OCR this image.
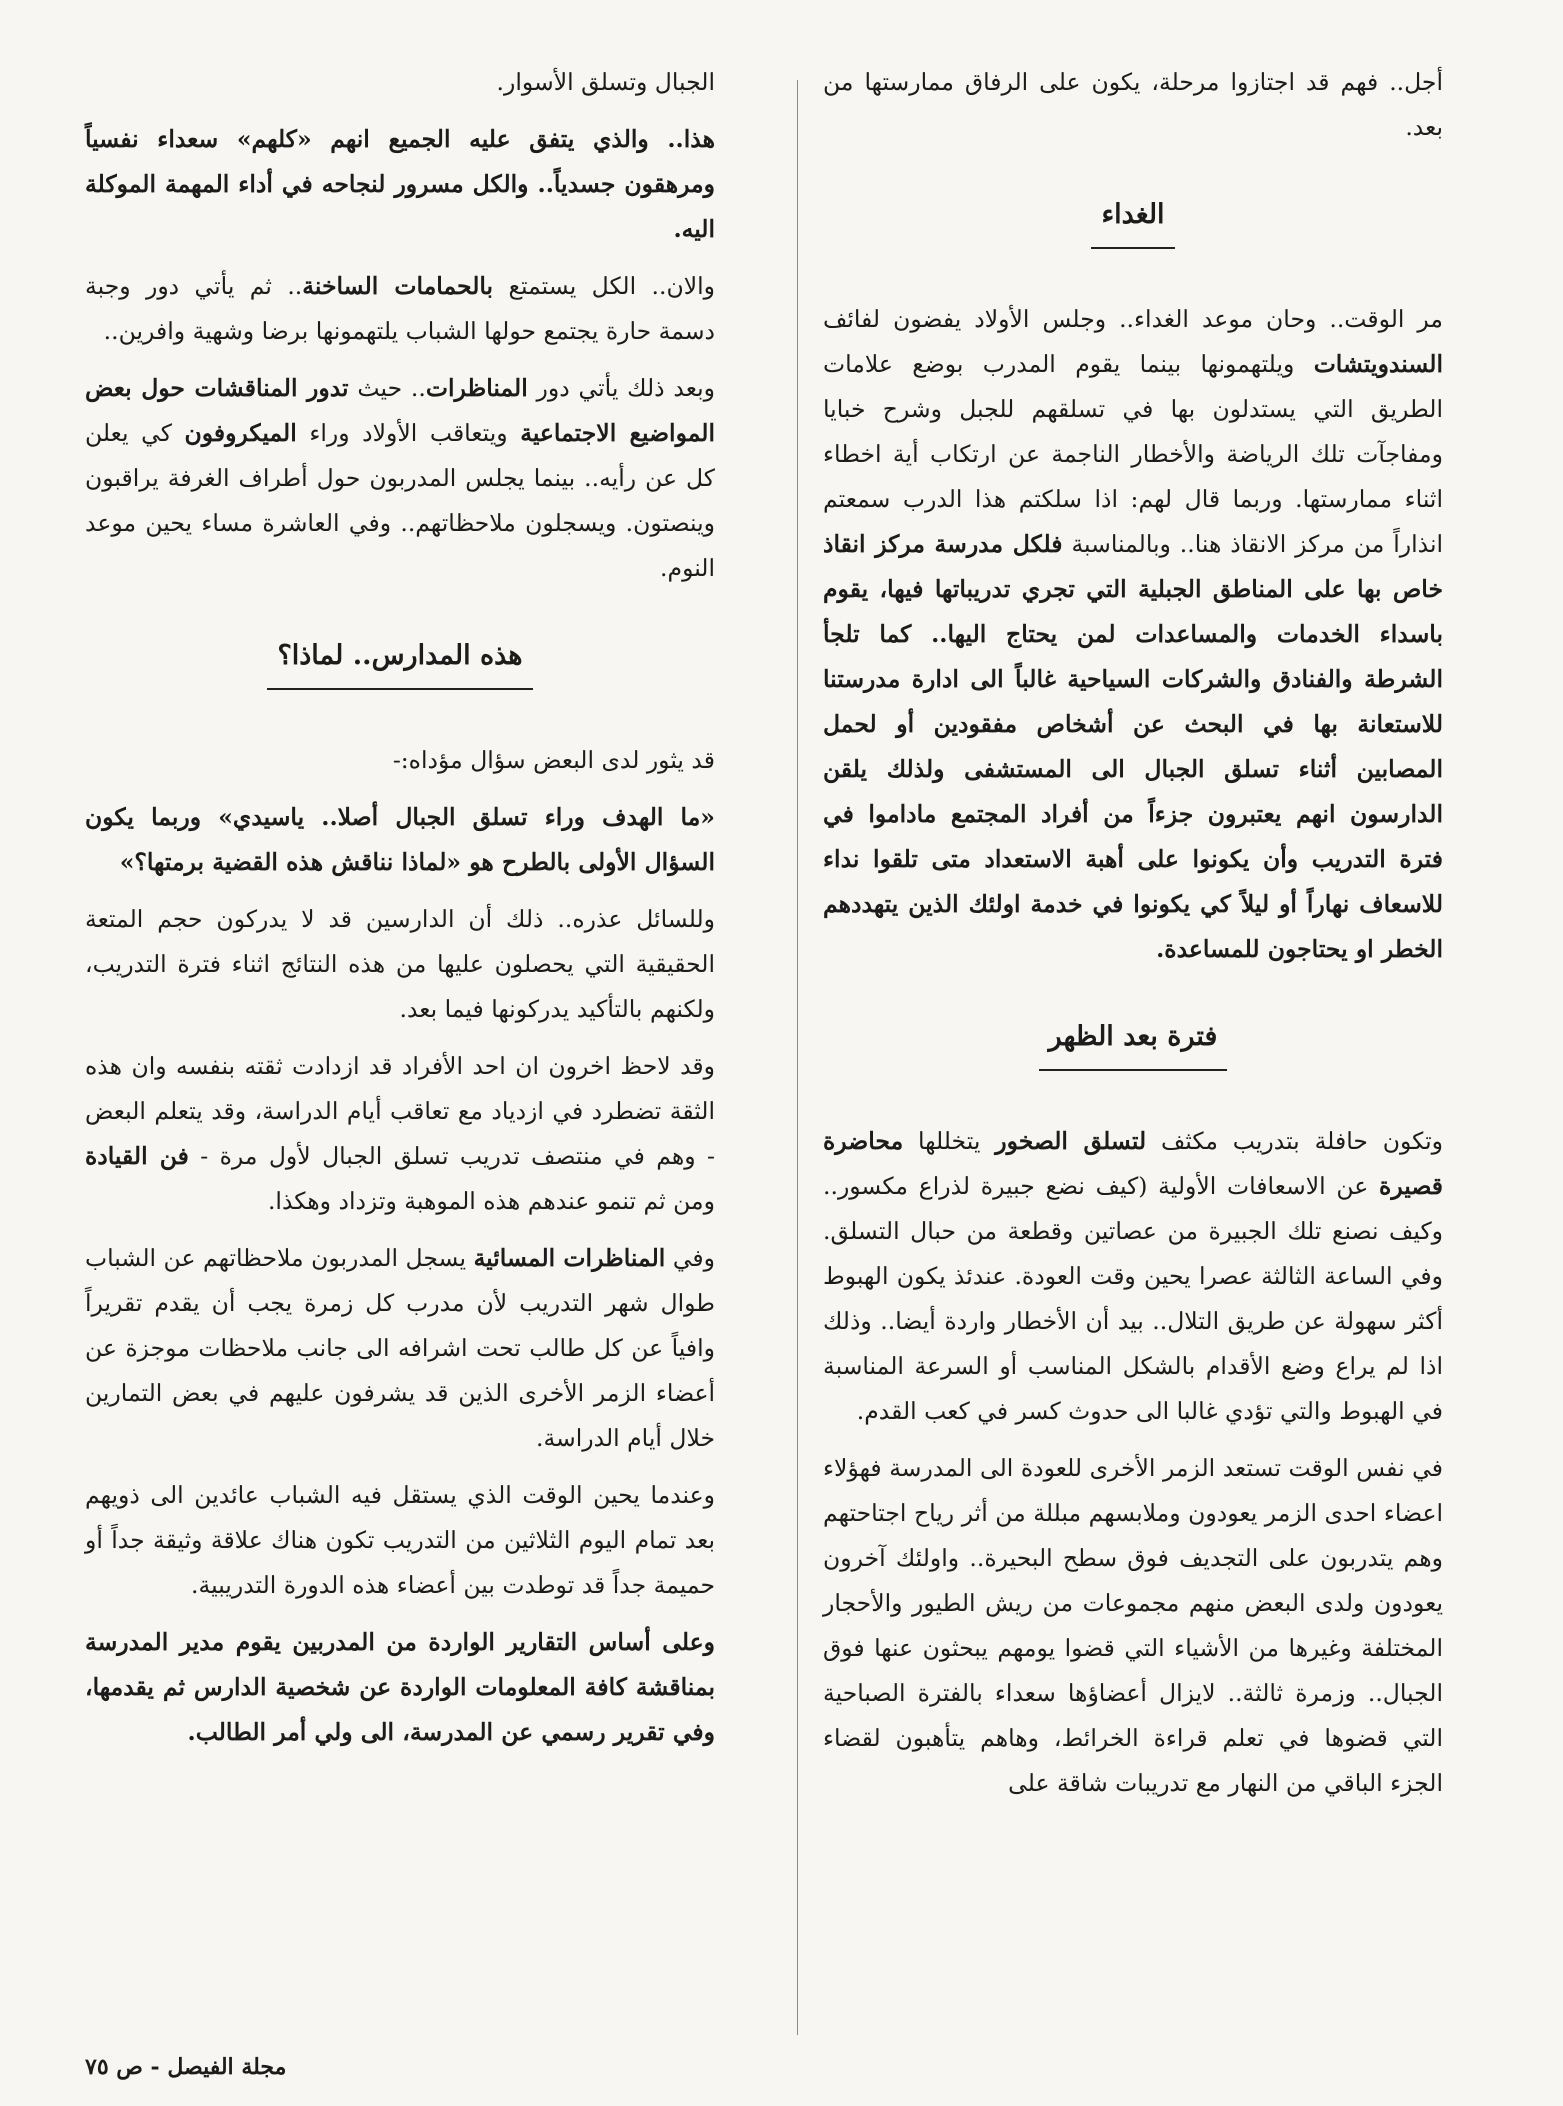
أجل.. فهم قد اجتازوا مرحلة، يكون على الرفاق ممارستها من بعد.

الغداء

مر الوقت.. وحان موعد الغداء.. وجلس الأولاد يفضون لفائف السندويتشات ويلتهمونها بينما يقوم المدرب بوضع علامات الطريق التي يستدلون بها في تسلقهم للجبل وشرح خبايا ومفاجآت تلك الرياضة والأخطار الناجمة عن ارتكاب أية اخطاء اثناء ممارستها. وربما قال لهم: اذا سلكتم هذا الدرب سمعتم انذاراً من مركز الانقاذ هنا.. وبالمناسبة فلكل مدرسة مركز انقاذ خاص بها على المناطق الجبلية التي تجري تدريباتها فيها، يقوم باسداء الخدمات والمساعدات لمن يحتاج اليها.. كما تلجأ الشرطة والفنادق والشركات السياحية غالباً الى ادارة مدرستنا للاستعانة بها في البحث عن أشخاص مفقودين أو لحمل المصابين أثناء تسلق الجبال الى المستشفى ولذلك يلقن الدارسون انهم يعتبرون جزءاً من أفراد المجتمع ماداموا في فترة التدريب وأن يكونوا على أهبة الاستعداد متى تلقوا نداء للاسعاف نهاراً أو ليلاً كي يكونوا في خدمة اولئك الذين يتهددهم الخطر او يحتاجون للمساعدة.

فترة بعد الظهر

وتكون حافلة بتدريب مكثف لتسلق الصخور يتخللها محاضرة قصيرة عن الاسعافات الأولية (كيف نضع جبيرة لذراع مكسور.. وكيف نصنع تلك الجبيرة من عصاتين وقطعة من حبال التسلق. وفي الساعة الثالثة عصرا يحين وقت العودة. عندئذ يكون الهبوط أكثر سهولة عن طريق التلال.. بيد أن الأخطار واردة أيضا.. وذلك اذا لم يراع وضع الأقدام بالشكل المناسب أو السرعة المناسبة في الهبوط والتي تؤدي غالبا الى حدوث كسر في كعب القدم.

في نفس الوقت تستعد الزمر الأخرى للعودة الى المدرسة فهؤلاء اعضاء احدى الزمر يعودون وملابسهم مبللة من أثر رياح اجتاحتهم وهم يتدربون على التجديف فوق سطح البحيرة.. واولئك آخرون يعودون ولدى البعض منهم مجموعات من ريش الطيور والأحجار المختلفة وغيرها من الأشياء التي قضوا يومهم يبحثون عنها فوق الجبال.. وزمرة ثالثة.. لايزال أعضاؤها سعداء بالفترة الصباحية التي قضوها في تعلم قراءة الخرائط، وهاهم يتأهبون لقضاء الجزء الباقي من النهار مع تدريبات شاقة على

الجبال وتسلق الأسوار.

هذا.. والذي يتفق عليه الجميع انهم «كلهم» سعداء نفسياً ومرهقون جسدياً.. والكل مسرور لنجاحه في أداء المهمة الموكلة اليه.

والان.. الكل يستمتع بالحمامات الساخنة.. ثم يأتي دور وجبة دسمة حارة يجتمع حولها الشباب يلتهمونها برضا وشهية وافرين..

وبعد ذلك يأتي دور المناظرات.. حيث تدور المناقشات حول بعض المواضيع الاجتماعية ويتعاقب الأولاد وراء الميكروفون كي يعلن كل عن رأيه.. بينما يجلس المدربون حول أطراف الغرفة يراقبون وينصتون. ويسجلون ملاحظاتهم.. وفي العاشرة مساء يحين موعد النوم.

هذه المدارس.. لماذا؟

قد يثور لدى البعض سؤال مؤداه:-

«ما الهدف وراء تسلق الجبال أصلا.. ياسيدي» وربما يكون السؤال الأولى بالطرح هو «لماذا نناقش هذه القضية برمتها؟»

وللسائل عذره.. ذلك أن الدارسين قد لا يدركون حجم المتعة الحقيقية التي يحصلون عليها من هذه النتائج اثناء فترة التدريب، ولكنهم بالتأكيد يدركونها فيما بعد.

وقد لاحظ اخرون ان احد الأفراد قد ازدادت ثقته بنفسه وان هذه الثقة تضطرد في ازدياد مع تعاقب أيام الدراسة، وقد يتعلم البعض - وهم في منتصف تدريب تسلق الجبال لأول مرة - فن القيادة ومن ثم تنمو عندهم هذه الموهبة وتزداد وهكذا.

وفي المناظرات المسائية يسجل المدربون ملاحظاتهم عن الشباب طوال شهر التدريب لأن مدرب كل زمرة يجب أن يقدم تقريراً وافياً عن كل طالب تحت اشرافه الى جانب ملاحظات موجزة عن أعضاء الزمر الأخرى الذين قد يشرفون عليهم في بعض التمارين خلال أيام الدراسة.

وعندما يحين الوقت الذي يستقل فيه الشباب عائدين الى ذويهم بعد تمام اليوم الثلاثين من التدريب تكون هناك علاقة وثيقة جداً أو حميمة جداً قد توطدت بين أعضاء هذه الدورة التدريبية.

وعلى أساس التقارير الواردة من المدربين يقوم مدير المدرسة بمناقشة كافة المعلومات الواردة عن شخصية الدارس ثم يقدمها، وفي تقرير رسمي عن المدرسة، الى ولي أمر الطالب.

مجلة الفيصل - ص ٧٥
